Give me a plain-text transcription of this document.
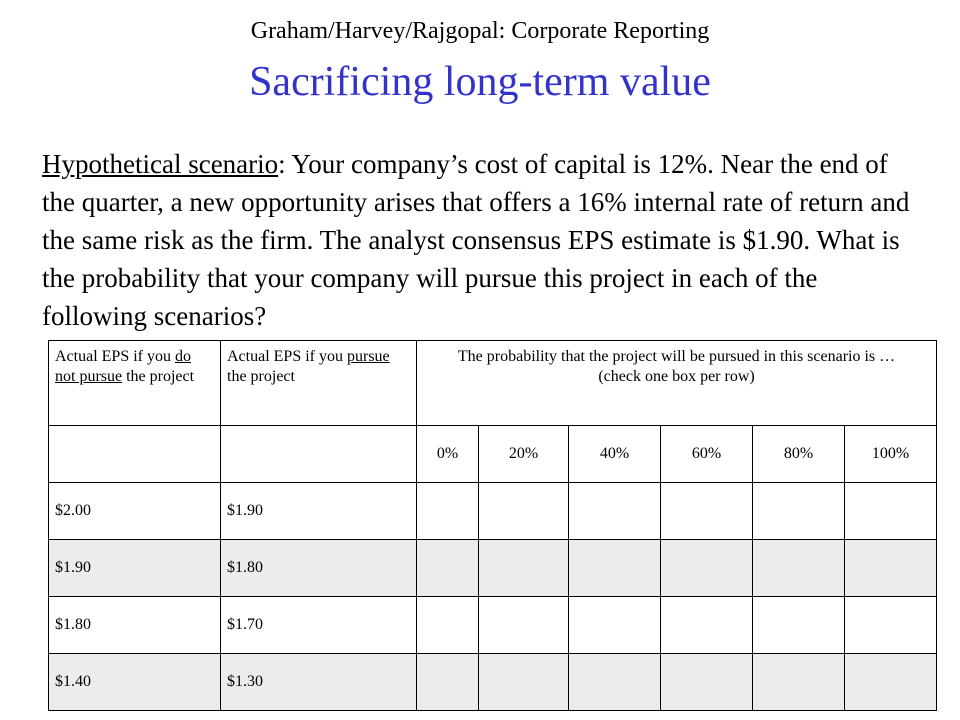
Graham/Harvey/Rajgopal: Corporate Reporting
Sacrificing long-term value
Hypothetical scenario: Your company’s cost of capital is 12%. Near the end of the quarter, a new opportunity arises that offers a 16% internal rate of return and the same risk as the firm. The analyst consensus EPS estimate is $1.90. What is the probability that your company will pursue this project in each of the following scenarios?
Actual EPS if you do not pursue the project	Actual EPS if you pursue the project	The probability that the project will be pursued in this scenario is …
(check one box per row)					

		0%	20%	40%	60%	80%	100%
$2.00	$1.90						
$1.90	$1.80						
$1.80	$1.70						
$1.40	$1.30						
